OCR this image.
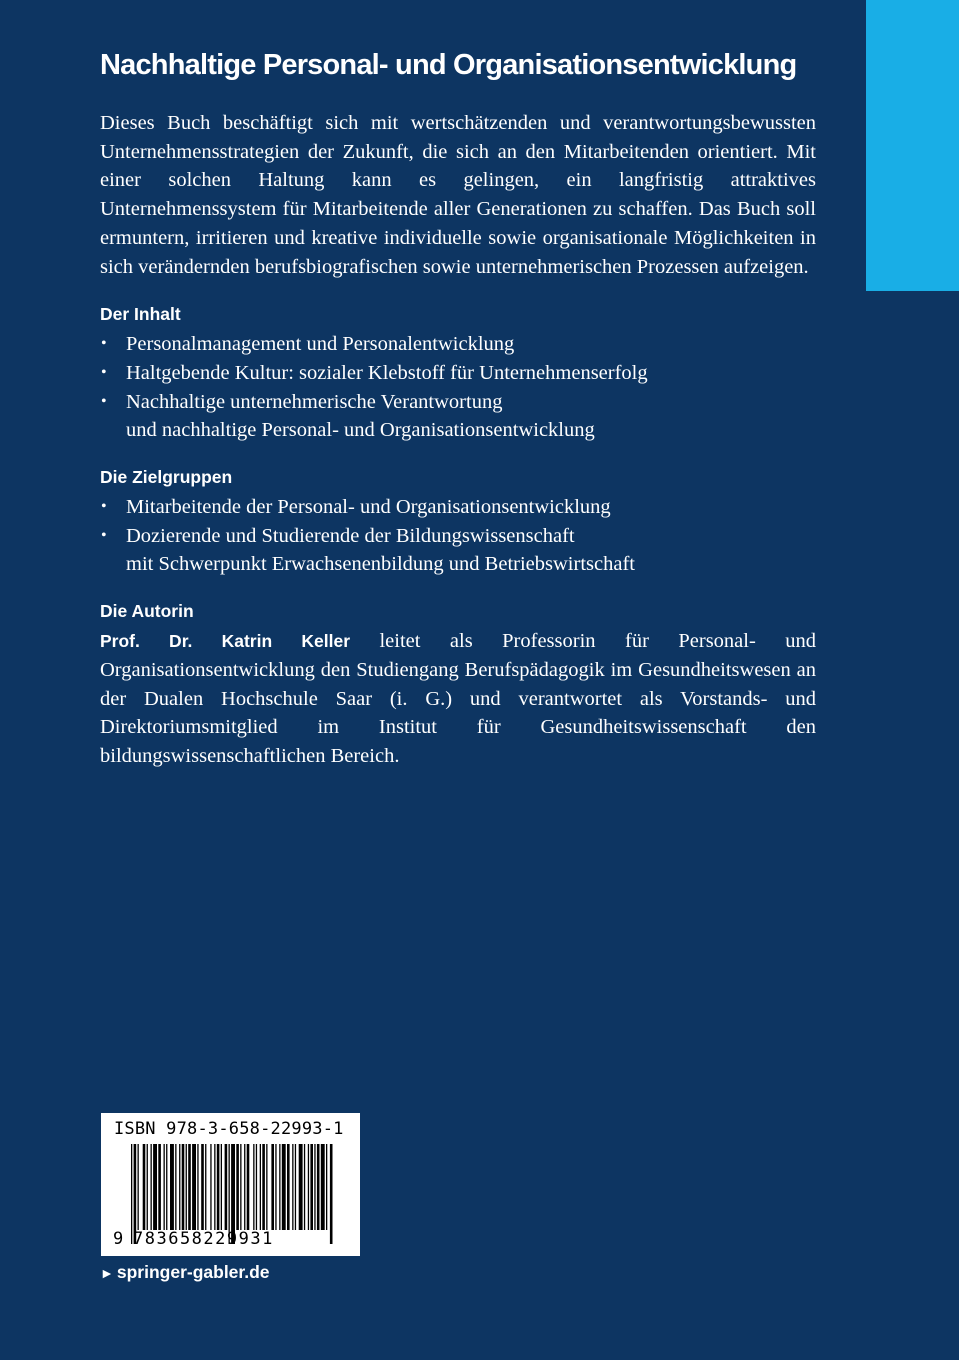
Nachhaltige Personal- und Organisationsentwicklung

Dieses Buch beschäftigt sich mit wertschätzenden und verantwortungsbewussten Unternehmensstrategien der Zukunft, die sich an den Mitarbeitenden orientiert. Mit einer solchen Haltung kann es gelingen, ein langfristig attraktives Unternehmenssystem für Mitarbeitende aller Generationen zu schaffen. Das Buch soll ermuntern, irritieren und kreative individuelle sowie organisationale Möglichkeiten in sich verändernden berufsbiografischen sowie unternehmerischen Prozessen aufzeigen.

Der Inhalt
• Personalmanagement und Personalentwicklung
• Haltgebende Kultur: sozialer Klebstoff für Unternehmenserfolg
• Nachhaltige unternehmerische Verantwortung
und nachhaltige Personal- und Organisationsentwicklung
Die Zielgruppen
• Mitarbeitende der Personal- und Organisationsentwicklung
• Dozierende und Studierende der Bildungswissenschaft
mit Schwerpunkt Erwachsenenbildung und Betriebswirtschaft
Die Autorin

Prof. Dr. Katrin Keller leitet als Professorin für Personal- und Organisationsentwicklung den Studiengang Berufspädagogik im Gesundheitswesen an der Dualen Hochschule Saar (i. G.) und verantwortet als Vorstands- und Direktoriumsmitglied im Institut für Gesundheitswissenschaft den bildungswissenschaftlichen Bereich.

ISBN 978-3-658-22993-1
9 783658229931
► springer-gabler.de
